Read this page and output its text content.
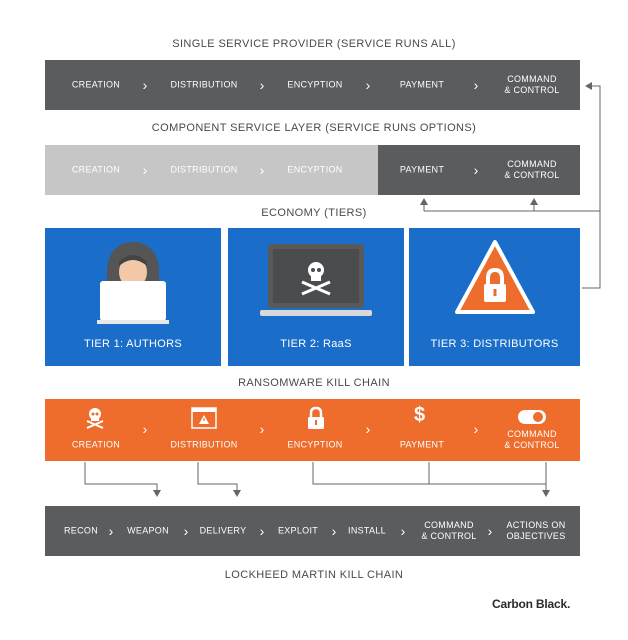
SINGLE SERVICE PROVIDER (SERVICE RUNS ALL)
COMPONENT SERVICE LAYER (SERVICE RUNS OPTIONS)
ECONOMY (TIERS)
RANSOMWARE KILL CHAIN
LOCKHEED MARTIN KILL CHAIN
CREATION ›	DISTRIBUTION ›	ENCYPTION ›	PAYMENT ›	COMMAND
& CONTROL
CREATION ›	DISTRIBUTION ›	ENCYPTION	PAYMENT ›	COMMAND
& CONTROL
TIER 1: AUTHORS	TIER 2: RaaS	TIER 3: DISTRIBUTORS
$
CREATION
›
DISTRIBUTION
›
ENCYPTION
›
PAYMENT
›	COMMAND
& CONTROL
RECON › WEAPON › DELIVERY › EXPLOIT › INSTALL ›	COMMAND
& CONTROL › ACTIONS ON
OBJECTIVES
Carbon Black.
